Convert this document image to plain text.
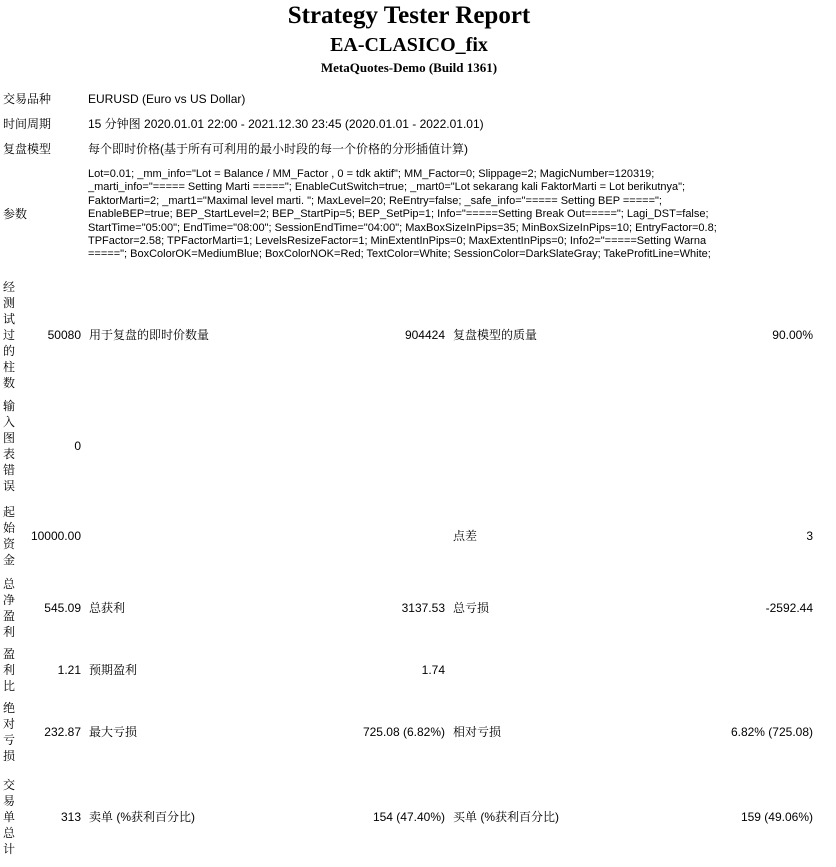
Strategy Tester Report
EA-CLASICO_fix
MetaQuotes-Demo (Build 1361)
交易品种	EURUSD (Euro vs US Dollar)
时间周期	15 分钟图 2020.01.01 22:00 - 2021.12.30 23:45 (2020.01.01 - 2022.01.01)
复盘模型	每个即时价格(基于所有可利用的最小时段的每一个价格的分形插值计算)
参数	
Lot=0.01; _mm_info="Lot = Balance / MM_Factor , 0 = tdk aktif"; MM_Factor=0; Slippage=2; MagicNumber=120319;
_marti_info="===== Setting Marti ====="; EnableCutSwitch=true; _mart0="Lot sekarang kali FaktorMarti = Lot berikutnya";
FaktorMarti=2; _mart1="Maximal level marti. "; MaxLevel=20; ReEntry=false; _safe_info="===== Setting BEP =====";
EnableBEP=true; BEP_StartLevel=2; BEP_StartPip=5; BEP_SetPip=1; Info="=====Setting Break Out====="; Lagi_DST=false;
StartTime="05:00"; EndTime="08:00"; SessionEndTime="04:00"; MaxBoxSizeInPips=35; MinBoxSizeInPips=10; EntryFactor=0.8;
TPFactor=2.58; TPFactorMarti=1; LevelsResizeFactor=1; MinExtentInPips=0; MaxExtentInPips=0; Info2="=====Setting Warna
====="; BoxColorOK=MediumBlue; BoxColorNOK=Red; TextColor=White; SessionColor=DarkSlateGray; TakeProfitLine=White;
经测试过的柱数	50080	用于复盘的即时价数量	904424	复盘模型的质量	90.00%
输入图表错误	0				
起始资金	10000.00			点差	3
总净盈利	545.09	总获利	3137.53	总亏损	-2592.44
盈利比	1.21	预期盈利	1.74		
绝对亏损	232.87	最大亏损	725.08 (6.82%)	相对亏损	6.82% (725.08)
交易单总计	313	卖单 (%获利百分比)	154 (47.40%)	买单 (%获利百分比)	159 (49.06%)
